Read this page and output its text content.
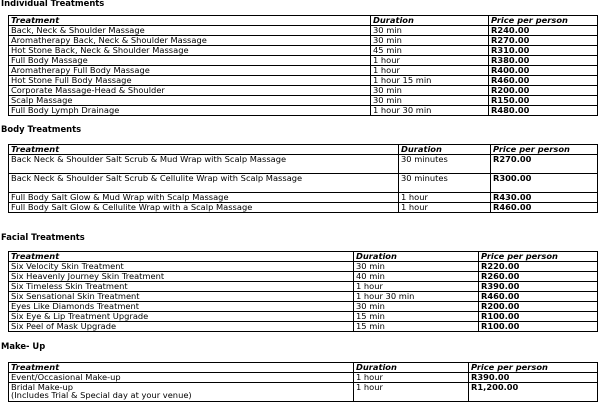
Individual Treatments
Treatment	Duration	Price per person
Back, Neck & Shoulder Massage	30 min	R240.00
Aromatherapy Back, Neck & Shoulder Massage	30 min	R270.00
Hot Stone Back, Neck & Shoulder Massage	45 min	R310.00
Full Body Massage	1 hour	R380.00
Aromatherapy Full Body Massage	1 hour	R400.00
Hot Stone Full Body Massage	1 hour 15 min	R460.00
Corporate Massage-Head & Shoulder	30 min	R200.00
Scalp Massage	30 min	R150.00
Full Body Lymph Drainage	1 hour 30 min	R480.00
Body Treatments
Treatment	Duration	Price per person
Back Neck & Shoulder Salt Scrub & Mud Wrap with Scalp Massage	30 minutes	R270.00
Back Neck & Shoulder Salt Scrub & Cellulite Wrap with Scalp Massage	30 minutes	R300.00
Full Body Salt Glow & Mud Wrap with Scalp Massage	1 hour	R430.00
Full Body Salt Glow & Cellulite Wrap with a Scalp Massage	1 hour	R460.00
Facial Treatments
Treatment	Duration	Price per person
Six Velocity Skin Treatment	30 min	R220.00
Six Heavenly Journey Skin Treatment	40 min	R260.00
Six Timeless Skin Treatment	1 hour	R390.00
Six Sensational Skin Treatment	1 hour 30 min	R460.00
Eyes Like Diamonds Treatment	30 min	R200.00
Six Eye & Lip Treatment Upgrade	15 min	R100.00
Six Peel of Mask Upgrade	15 min	R100.00
Make- Up
Treatment	Duration	Price per person
Event/Occasional Make-up	1 hour	R390.00

Bridal Make-up
(Includes Trial & Special day at your venue)	1 hour	R1,200.00
